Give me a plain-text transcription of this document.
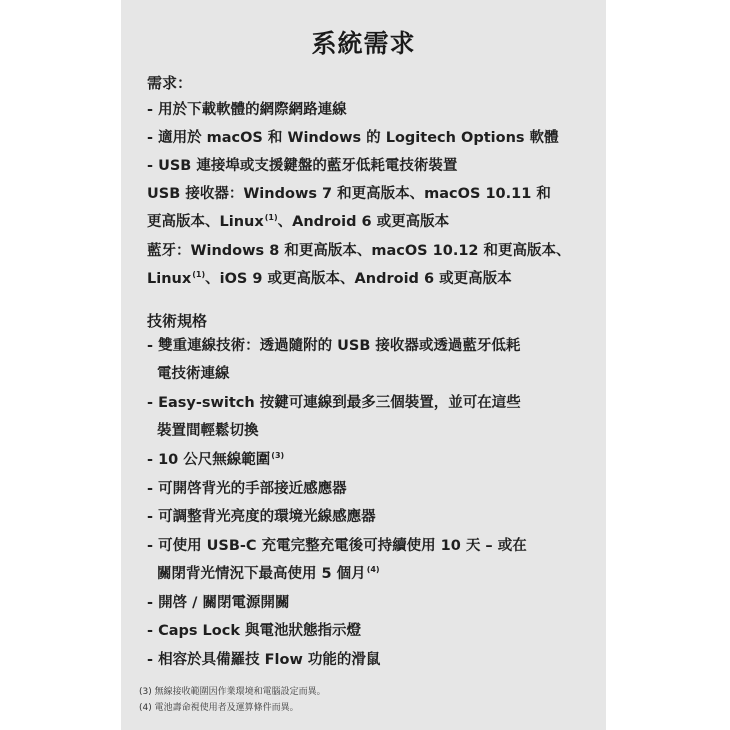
系統需求
需求：
- 用於下載軟體的網際網路連線
- 適用於 macOS 和 Windows 的 Logitech Options 軟體
- USB 連接埠或支援鍵盤的藍牙低耗電技術裝置
USB 接收器：Windows 7 和更高版本、macOS 10.11 和
更高版本、Linux$^{(1)}$、Android 6 或更高版本
藍牙：Windows 8 和更高版本、macOS 10.12 和更高版本、
Linux$^{(1)}$、iOS 9 或更高版本、Android 6 或更高版本
技術規格
- 雙重連線技術：透過隨附的 USB 接收器或透過藍牙低耗
電技術連線
- Easy-switch 按鍵可連線到最多三個裝置，並可在這些
裝置間輕鬆切換
- 10 公尺無線範圍$^{(3)}$
- 可開啓背光的手部接近感應器
- 可調整背光亮度的環境光線感應器
- 可使用 USB-C 充電完整充電後可持續使用 10 天 – 或在
關閉背光情況下最高使用 5 個月$^{(4)}$
- 開啓 / 關閉電源開關
- Caps Lock 與電池狀態指示燈
- 相容於具備羅技 Flow 功能的滑鼠
(3) 無線接收範圍因作業環境和電腦設定而異。
(4) 電池壽命視使用者及運算條件而異。
